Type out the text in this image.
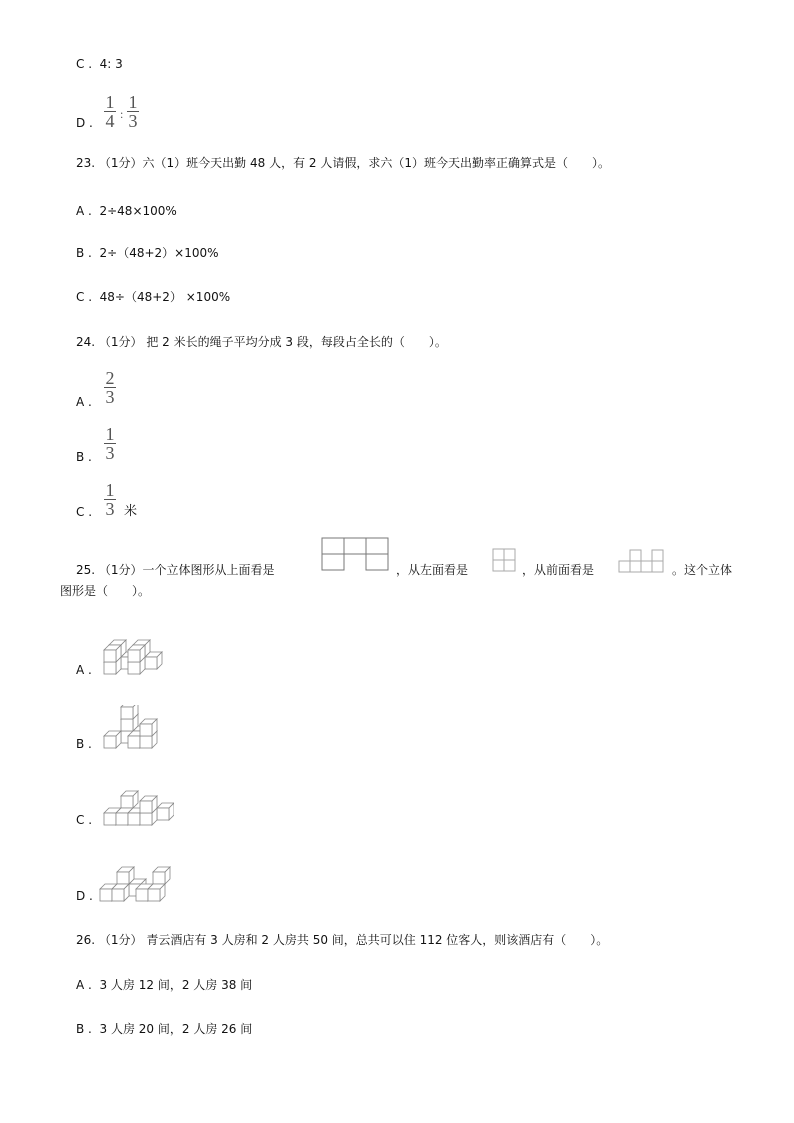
C . 4: 3
D .
1
4 :
1
3
23. （1分）六（1）班今天出勤 48 人，有 2 人请假，求六（1）班今天出勤率正确算式是（　　）。
A . 2÷48×100%
B . 2÷（48+2）×100%
C . 48÷（48+2） ×100%
24. （1分） 把 2 米长的绳子平均分成 3 段，每段占全长的（　　）。
A .
2
3
B .
1
3
C . 米
1
3
25. （1分）一个立体图形从上面看是	，从左面看是	，从前面看是	。这个立体
图形是（　　）。
A .
B .
C .
D .
26. （1分） 青云酒店有 3 人房和 2 人房共 50 间，总共可以住 112 位客人，则该酒店有（　　）。
A . 3 人房 12 间，2 人房 38 间
B . 3 人房 20 间，2 人房 26 间
